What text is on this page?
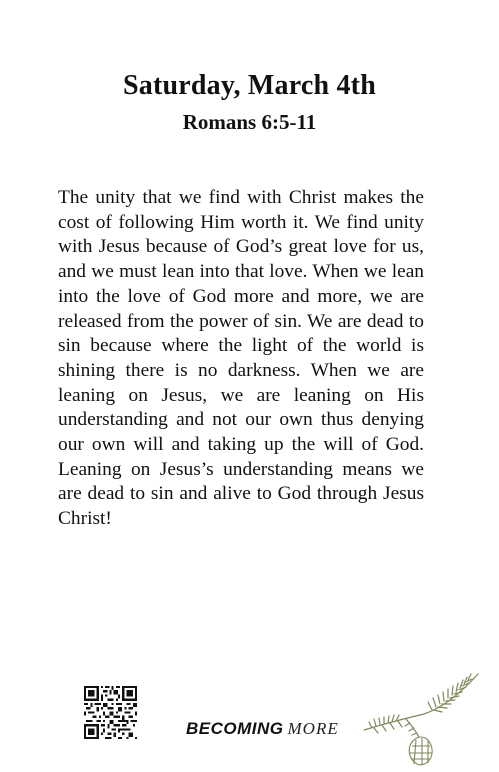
Saturday, March 4th
Romans 6:5-11

The unity that we find with Christ makes the cost of following Him worth it. We find unity with Jesus because of God’s great love for us, and we must lean into that love. When we lean into the love of God more and more, we are released from the power of sin. We are dead to sin because where the light of the world is shining there is no darkness. When we are leaning on Jesus, we are leaning on His understanding and not our own thus denying our own will and taking up the will of God. Leaning on Jesus’s understanding means we are dead to sin and alive to God through Jesus Christ!

BECOMING MORE
